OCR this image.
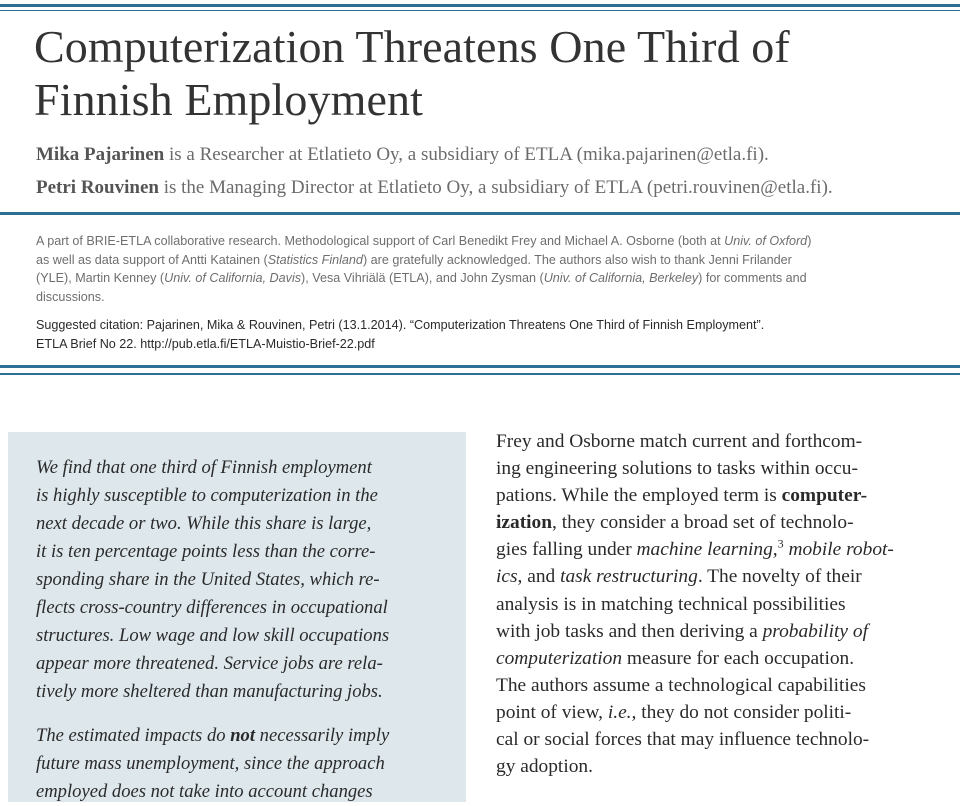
Computerization Threatens One Third of
Finnish Employment

Mika Pajarinen is a Researcher at Etlatieto Oy, a subsidiary of ETLA (mika.pajarinen@etla.fi).

Petri Rouvinen is the Managing Director at Etlatieto Oy, a subsidiary of ETLA (petri.rouvinen@etla.fi).

A part of BRIE-ETLA collaborative research. Methodological support of Carl Benedikt Frey and Michael A. Osborne (both at Univ. of Oxford)
as well as data support of Antti Katainen (Statistics Finland) are gratefully acknowledged. The authors also wish to thank Jenni Frilander
(YLE), Martin Kenney (Univ. of California, Davis), Vesa Vihriälä (ETLA), and John Zysman (Univ. of California, Berkeley) for comments and
discussions.

Suggested citation: Pajarinen, Mika & Rouvinen, Petri (13.1.2014). “Computerization Threatens One Third of Finnish Employment”.
ETLA Brief No 22. http://pub.etla.fi/ETLA-Muistio-Brief-22.pdf

We find that one third of Finnish employment
is highly susceptible to computerization in the
next decade or two. While this share is large,
it is ten percentage points less than the corre-
sponding share in the United States, which re-
flects cross-country differences in occupational
structures. Low wage and low skill occupations
appear more threatened. Service jobs are rela-
tively more sheltered than manufacturing jobs.

The estimated impacts do not necessarily imply
future mass unemployment, since the approach
employed does not take into account changes

Frey and Osborne match current and forthcom-
ing engineering solutions to tasks within occu-
pations. While the employed term is computer-
ization, they consider a broad set of technolo-
gies falling under machine learning,$^3$ mobile robot-
ics, and task restructuring. The novelty of their
analysis is in matching technical possibilities
with job tasks and then deriving a probability of
computerization measure for each occupation.
The authors assume a technological capabilities
point of view, i.e., they do not consider politi-
cal or social forces that may influence technolo-
gy adoption.
